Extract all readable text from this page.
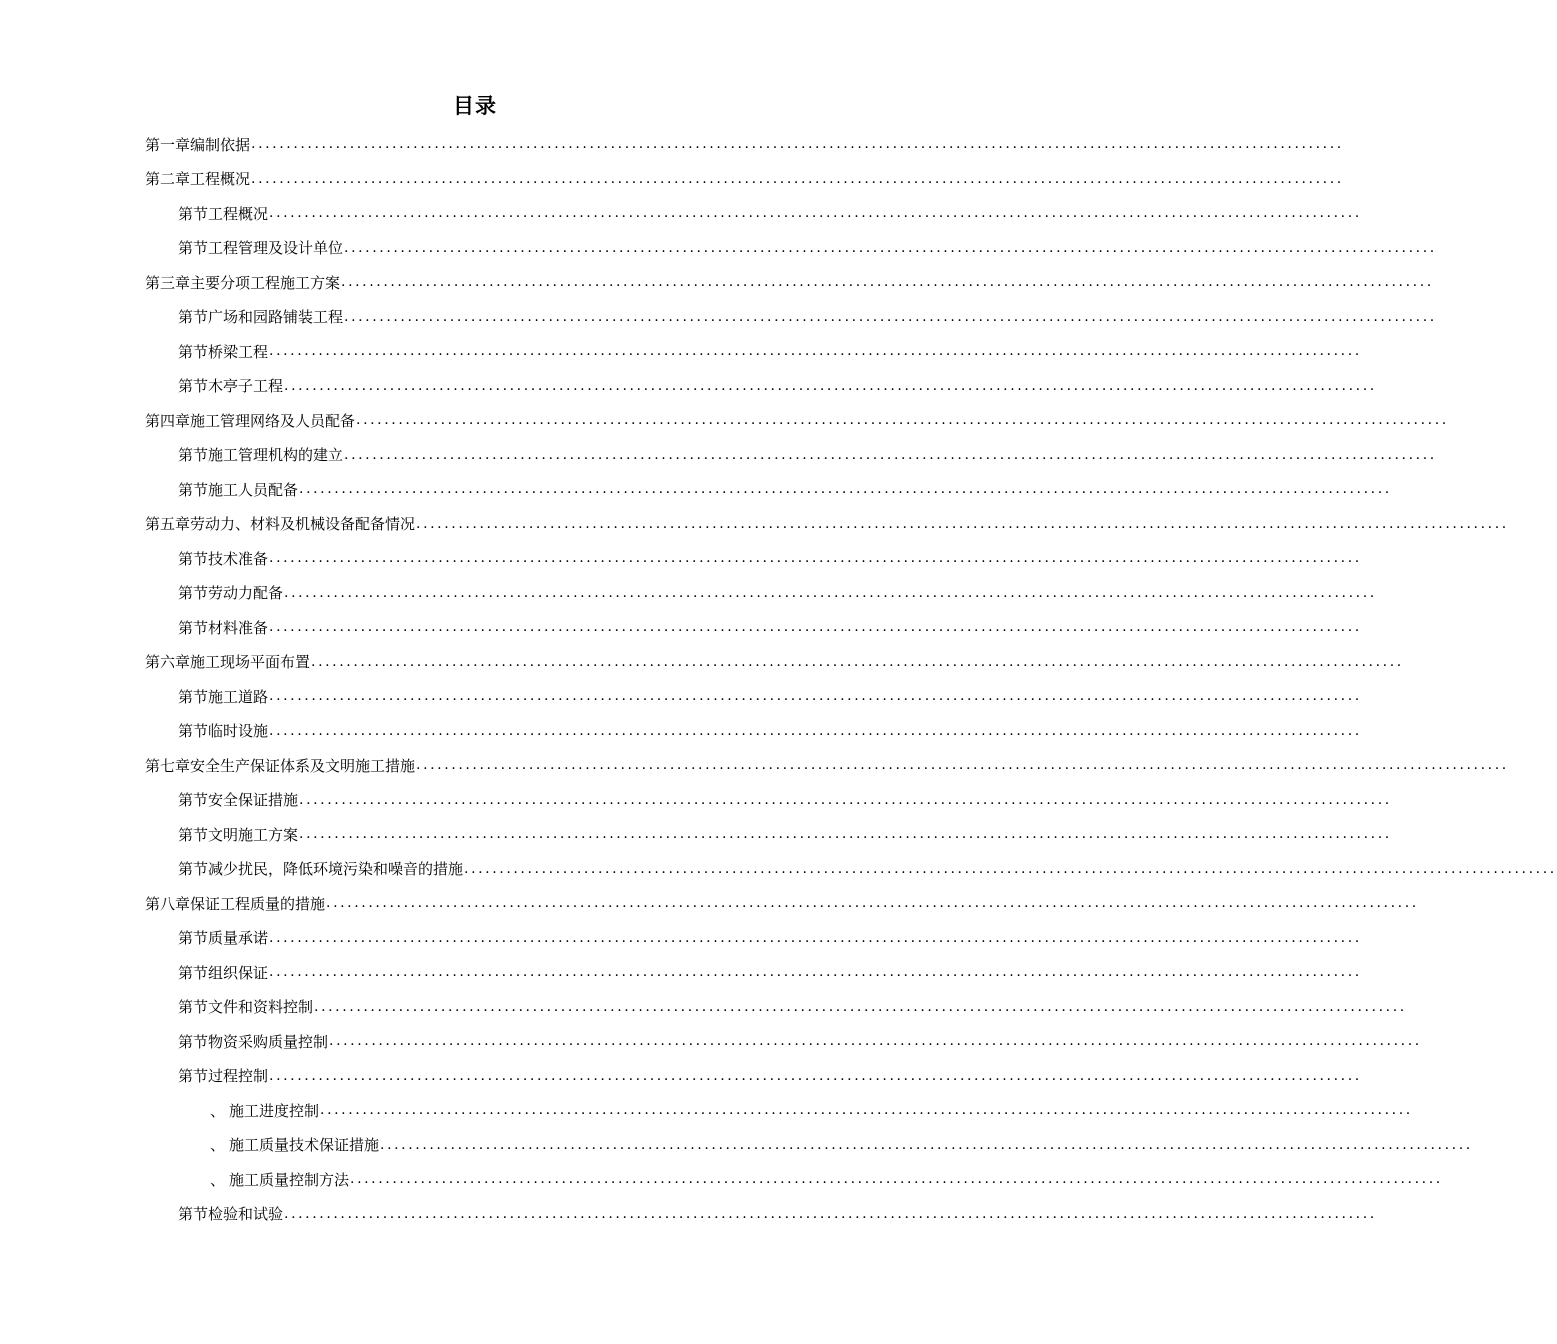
目录
第一章 编制依据 ...........................................................................................................................................................
第二章 工程概况 ...........................................................................................................................................................
第节 工程概况 ...........................................................................................................................................................
第节 工程管理及设计单位 ...........................................................................................................................................................
第三章 主要分项工程施工方案 ...........................................................................................................................................................
第节 广场和园路铺装工程 ...........................................................................................................................................................
第节 桥梁工程 ...........................................................................................................................................................
第节 木亭子工程 ...........................................................................................................................................................
第四章 施工管理网络及人员配备 ...........................................................................................................................................................
第节 施工管理机构的建立 ...........................................................................................................................................................
第节 施工人员配备 ...........................................................................................................................................................
第五章 劳动力、材料及机械设备配备情况 ...........................................................................................................................................................
第节 技术准备 ...........................................................................................................................................................
第节 劳动力配备 ...........................................................................................................................................................
第节 材料准备 ...........................................................................................................................................................
第六章 施工现场平面布置 ...........................................................................................................................................................
第节 施工道路 ...........................................................................................................................................................
第节 临时设施 ...........................................................................................................................................................
第七章 安全生产保证体系及文明施工措施 ...........................................................................................................................................................
第节 安全保证措施 ...........................................................................................................................................................
第节 文明施工方案 ...........................................................................................................................................................
第节 减少扰民，降低环境污染和噪音的措施 ...........................................................................................................................................................
第八章 保证工程质量的措施 ...........................................................................................................................................................
第节 质量承诺 ...........................................................................................................................................................
第节 组织保证 ...........................................................................................................................................................
第节 文件和资料控制 ...........................................................................................................................................................
第节 物资采购质量控制 ...........................................................................................................................................................
第节 过程控制 ...........................................................................................................................................................
、 施工进度控制 ...........................................................................................................................................................
、 施工质量技术保证措施 ...........................................................................................................................................................
、 施工质量控制方法 ...........................................................................................................................................................
第节 检验和试验 ...........................................................................................................................................................
